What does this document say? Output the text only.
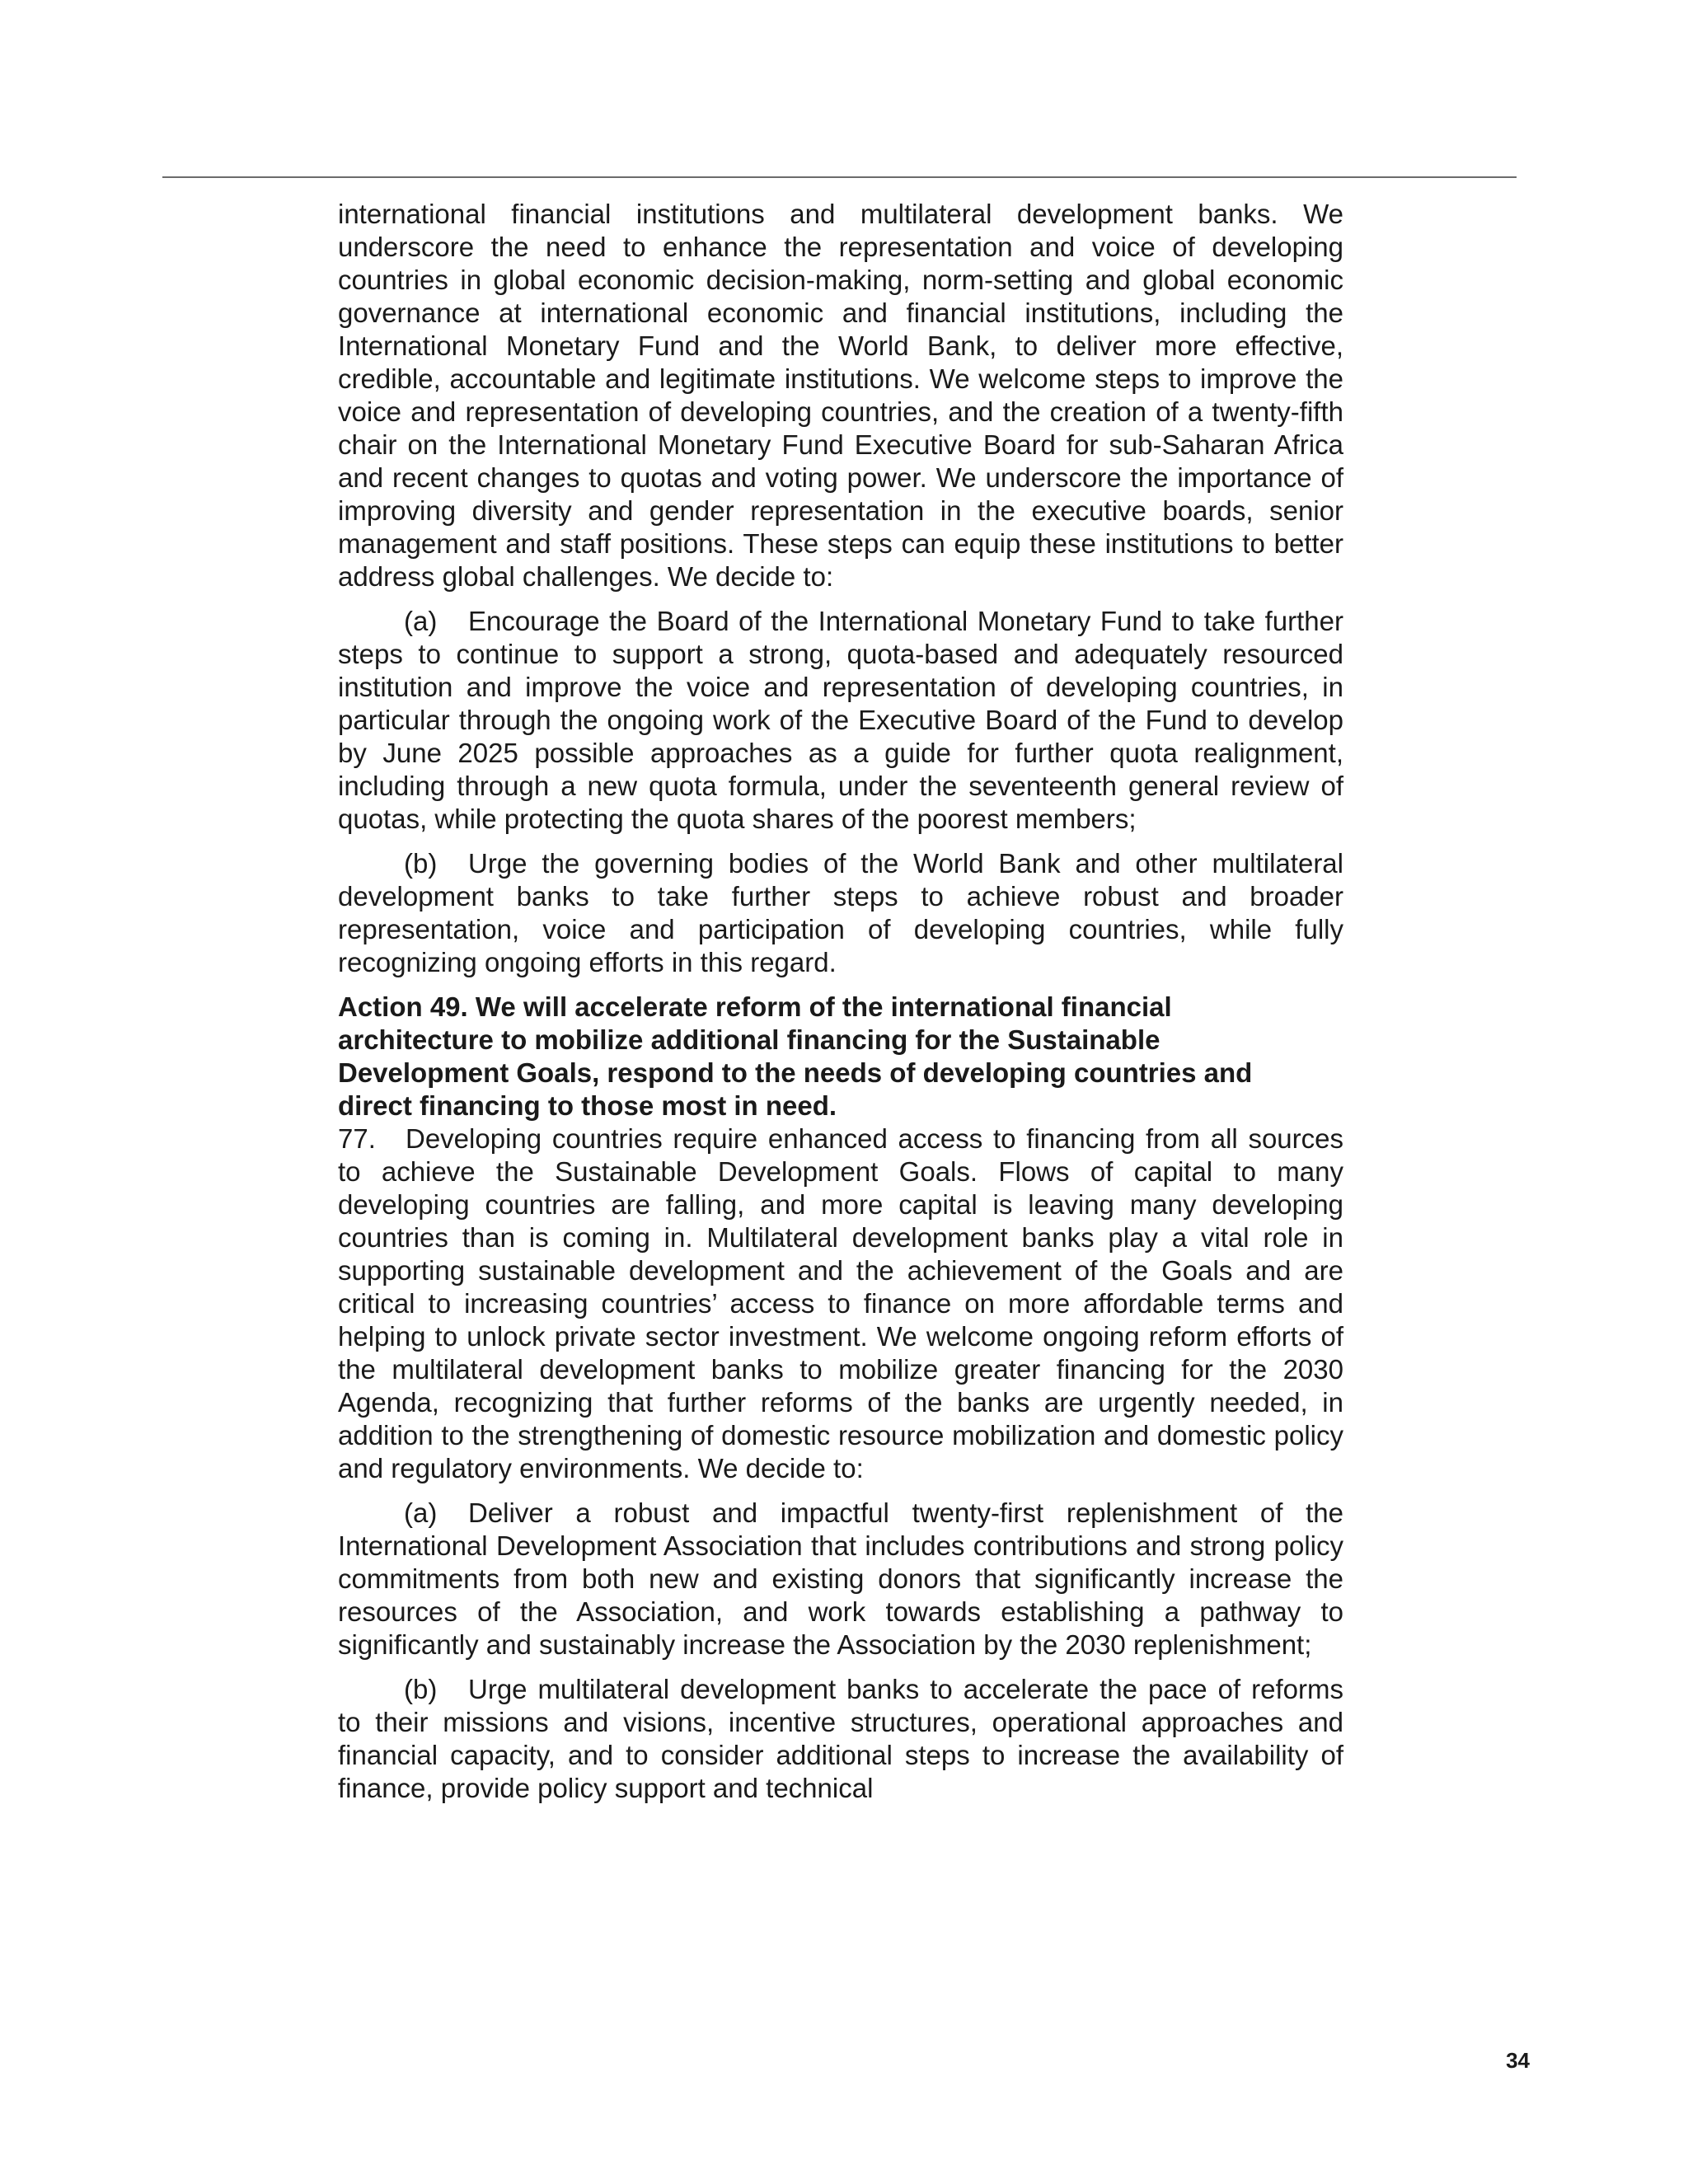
international financial institutions and multilateral development banks. We underscore the need to enhance the representation and voice of developing countries in global economic decision-making, norm-setting and global economic governance at international economic and financial institutions, including the International Monetary Fund and the World Bank, to deliver more effective, credible, accountable and legitimate institutions. We welcome steps to improve the voice and representation of developing countries, and the creation of a twenty-fifth chair on the International Monetary Fund Executive Board for sub-Saharan Africa and recent changes to quotas and voting power. We underscore the importance of improving diversity and gender representation in the executive boards, senior management and staff positions. These steps can equip these institutions to better address global challenges. We decide to:

(a) Encourage the Board of the International Monetary Fund to take further steps to continue to support a strong, quota-based and adequately resourced institution and improve the voice and representation of developing countries, in particular through the ongoing work of the Executive Board of the Fund to develop by June 2025 possible approaches as a guide for further quota realignment, including through a new quota formula, under the seventeenth general review of quotas, while protecting the quota shares of the poorest members;

(b) Urge the governing bodies of the World Bank and other multilateral development banks to take further steps to achieve robust and broader representation, voice and participation of developing countries, while fully recognizing ongoing efforts in this regard.

Action 49. We will accelerate reform of the international financial architecture to mobilize additional financing for the Sustainable Development Goals, respond to the needs of developing countries and direct financing to those most in need.

77. Developing countries require enhanced access to financing from all sources to achieve the Sustainable Development Goals. Flows of capital to many developing countries are falling, and more capital is leaving many developing countries than is coming in. Multilateral development banks play a vital role in supporting sustainable development and the achievement of the Goals and are critical to increasing countries’ access to finance on more affordable terms and helping to unlock private sector investment. We welcome ongoing reform efforts of the multilateral development banks to mobilize greater financing for the 2030 Agenda, recognizing that further reforms of the banks are urgently needed, in addition to the strengthening of domestic resource mobilization and domestic policy and regulatory environments. We decide to:

(a) Deliver a robust and impactful twenty-first replenishment of the International Development Association that includes contributions and strong policy commitments from both new and existing donors that significantly increase the resources of the Association, and work towards establishing a pathway to significantly and sustainably increase the Association by the 2030 replenishment;

(b) Urge multilateral development banks to accelerate the pace of reforms to their missions and visions, incentive structures, operational approaches and financial capacity, and to consider additional steps to increase the availability of finance, provide policy support and technical

34
